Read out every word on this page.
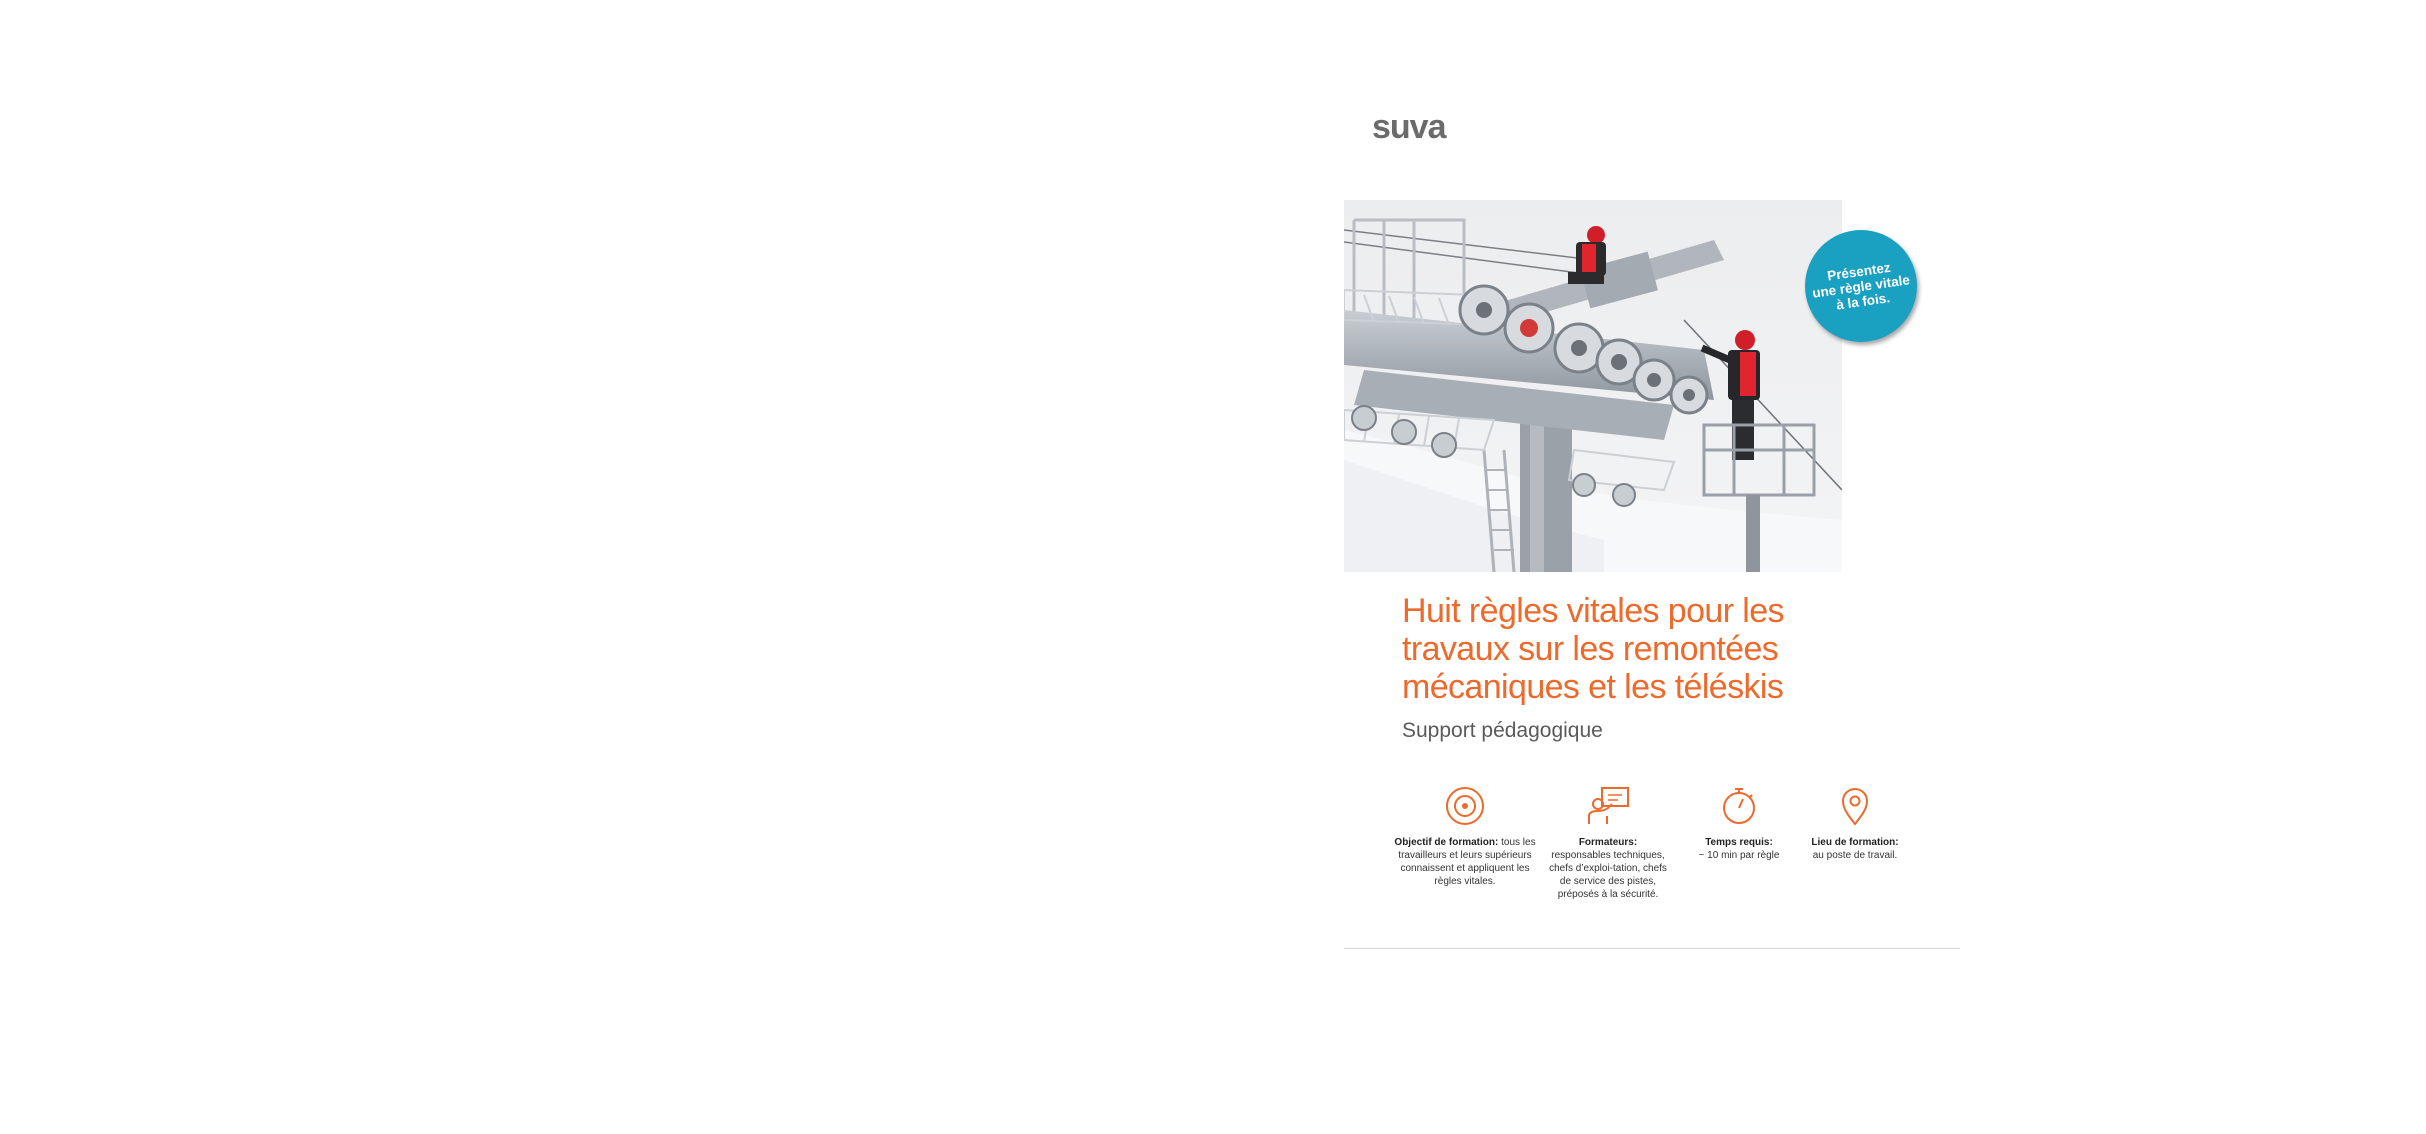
suva
Présentez
une règle vitale
à la fois.
Huit règles vitales pour les
travaux sur les remontées
mécaniques et les téléskis
Support pédagogique
Objectif de formation: tous les travailleurs et leurs supérieurs connaissent et appliquent les règles vitales.
Formateurs: responsables techniques, chefs d’exploi-tation, chefs de service des pistes, préposés à la sécurité.
Temps requis:
~ 10 min par règle
Lieu de formation:
au poste de travail.
